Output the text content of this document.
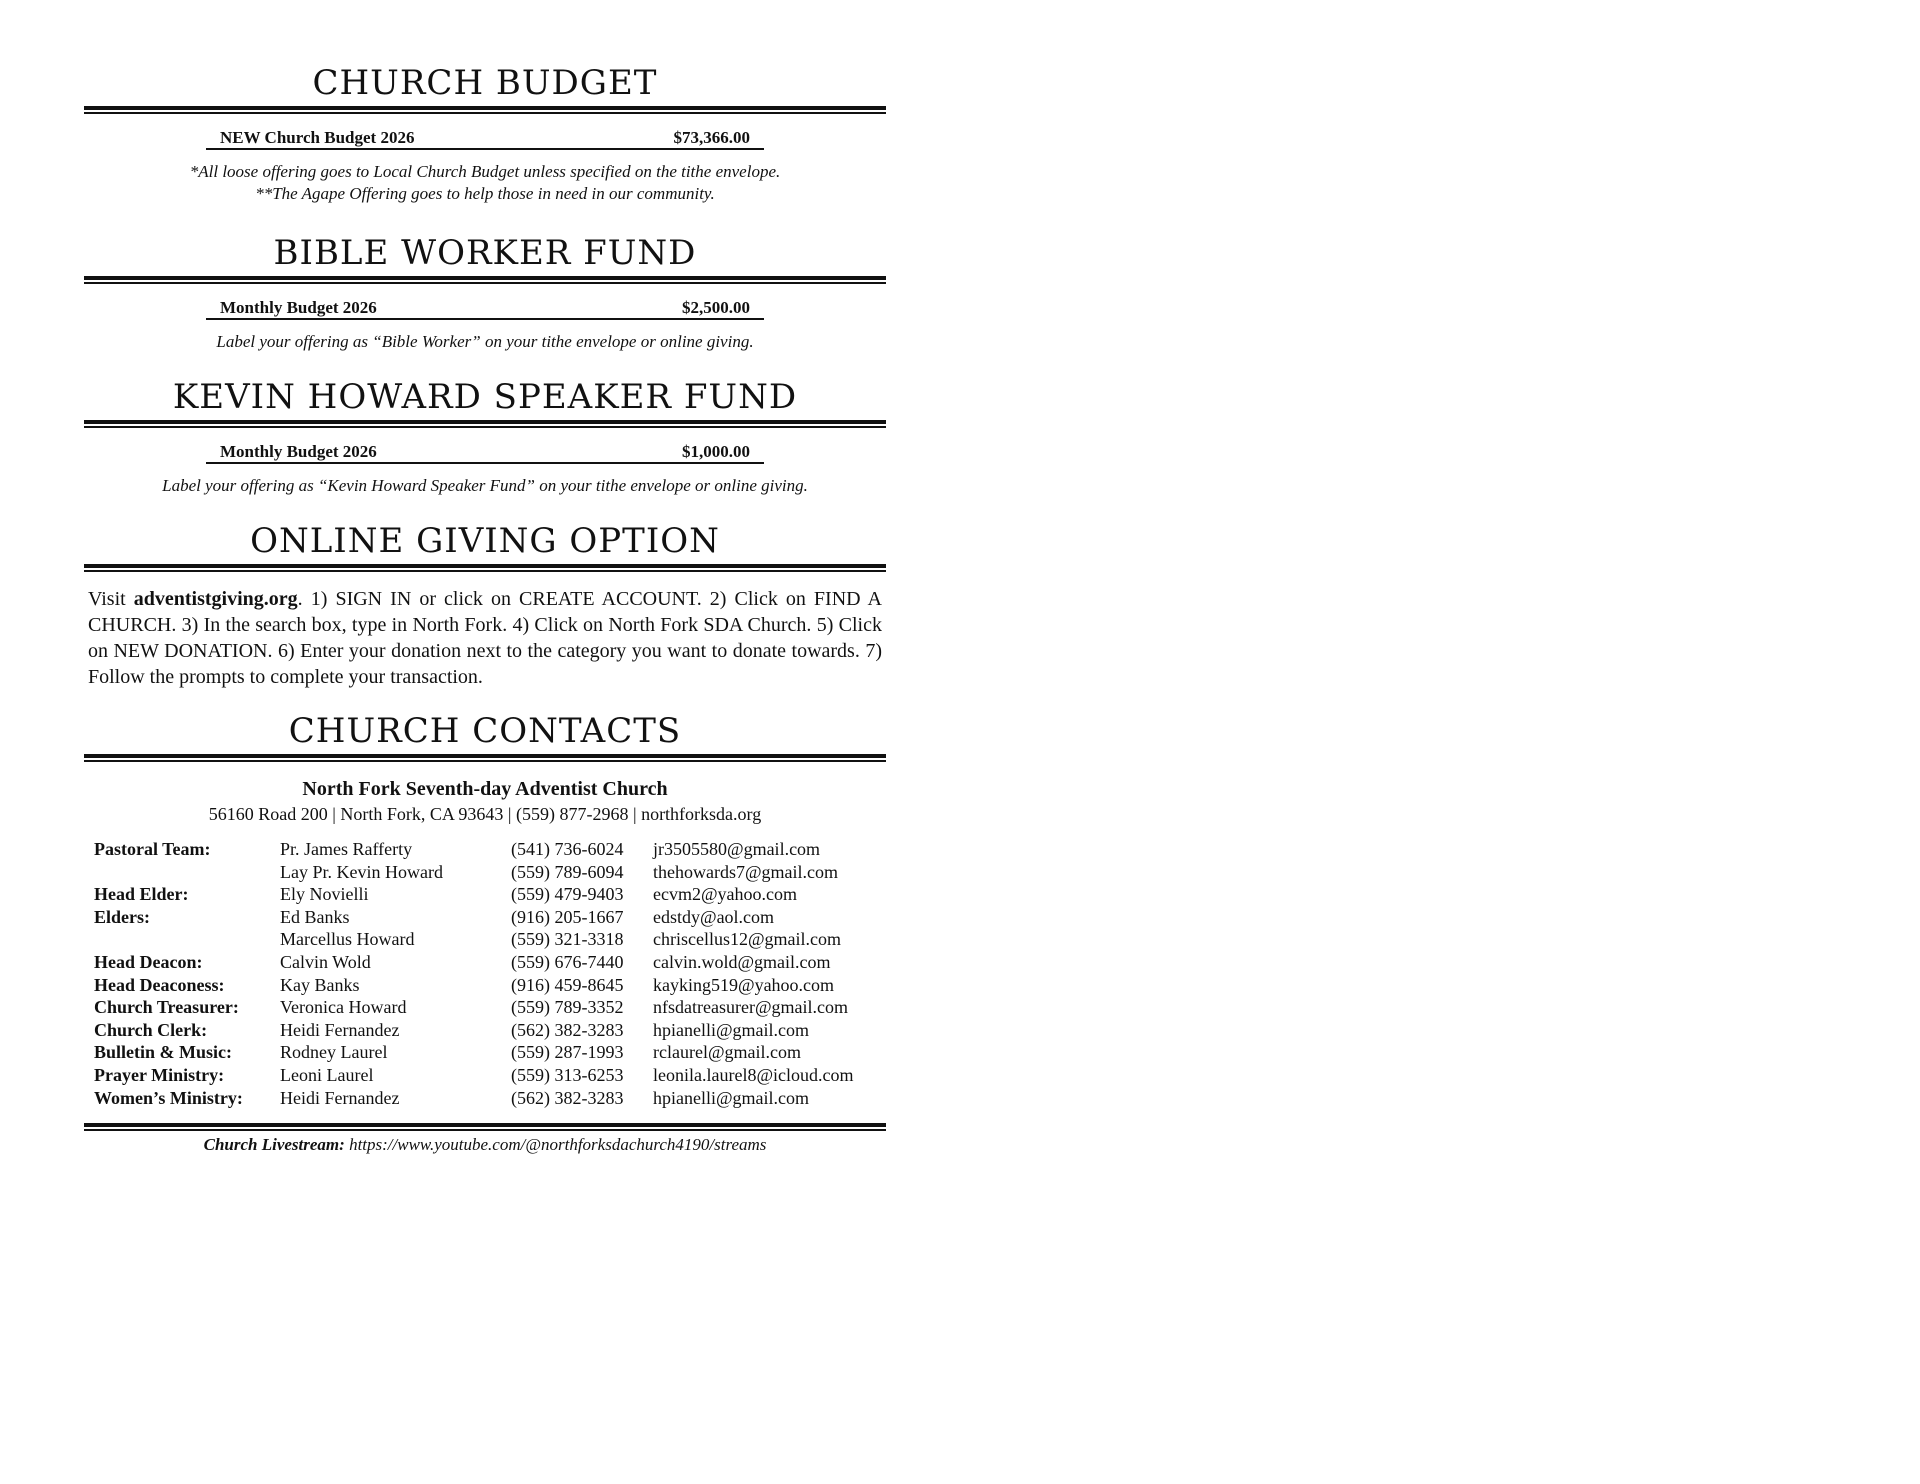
CHURCH BUDGET
NEW Church Budget 2026	$73,366.00
*All loose offering goes to Local Church Budget unless specified on the tithe envelope.
**The Agape Offering goes to help those in need in our community.
BIBLE WORKER FUND
Monthly Budget 2026	$2,500.00
Label your offering as “Bible Worker” on your tithe envelope or online giving.
KEVIN HOWARD SPEAKER FUND
Monthly Budget 2026	$1,000.00
Label your offering as “Kevin Howard Speaker Fund” on your tithe envelope or online giving.
ONLINE GIVING OPTION

Visit adventistgiving.org. 1) SIGN IN or click on CREATE ACCOUNT. 2) Click on FIND A CHURCH. 3) In the search box, type in North Fork. 4) Click on North Fork SDA Church. 5) Click on NEW DONATION. 6) Enter your donation next to the category you want to donate towards. 7) Follow the prompts to complete your transaction.

CHURCH CONTACTS
North Fork Seventh-day Adventist Church
56160 Road 200 | North Fork, CA 93643 | (559) 877-2968 | northforksda.org
Pastoral Team:	Pr. James Rafferty	(541) 736-6024	jr3505580@gmail.com
	Lay Pr. Kevin Howard	(559) 789-6094	thehowards7@gmail.com
Head Elder:	Ely Novielli	(559) 479-9403	ecvm2@yahoo.com
Elders:	Ed Banks	(916) 205-1667	edstdy@aol.com
	Marcellus Howard	(559) 321-3318	chriscellus12@gmail.com
Head Deacon:	Calvin Wold	(559) 676-7440	calvin.wold@gmail.com
Head Deaconess:	Kay Banks	(916) 459-8645	kayking519@yahoo.com
Church Treasurer:	Veronica Howard	(559) 789-3352	nfsdatreasurer@gmail.com
Church Clerk:	Heidi Fernandez	(562) 382-3283	hpianelli@gmail.com
Bulletin & Music:	Rodney Laurel	(559) 287-1993	rclaurel@gmail.com
Prayer Ministry:	Leoni Laurel	(559) 313-6253	leonila.laurel8@icloud.com
Women’s Ministry:	Heidi Fernandez	(562) 382-3283	hpianelli@gmail.com
Church Livestream: https://www.youtube.com/@northforksdachurch4190/streams
